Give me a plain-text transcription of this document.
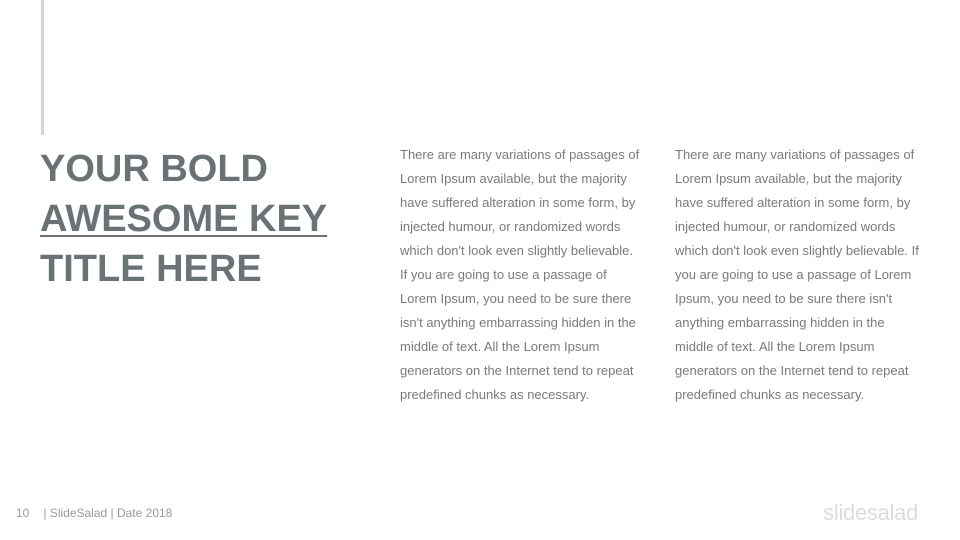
YOUR BOLD
AWESOME KEY
TITLE HERE

There are many variations of passages of Lorem Ipsum available, but the majority have suffered alteration in some form, by injected humour, or randomized words which don't look even slightly believable.

If you are going to use a passage of Lorem Ipsum, you need to be sure there isn't anything embarrassing hidden in the middle of text. All the Lorem Ipsum generators on the Internet tend to repeat predefined chunks as necessary.

There are many variations of passages of Lorem Ipsum available, but the majority have suffered alteration in some form, by injected humour, or randomized words which don't look even slightly believable. If you are going to use a passage of Lorem Ipsum, you need to be sure there isn't anything embarrassing hidden in the middle of text. All the Lorem Ipsum generators on the Internet tend to repeat predefined chunks as necessary.

10 | SlideSalad | Date 2018	slidesalad
